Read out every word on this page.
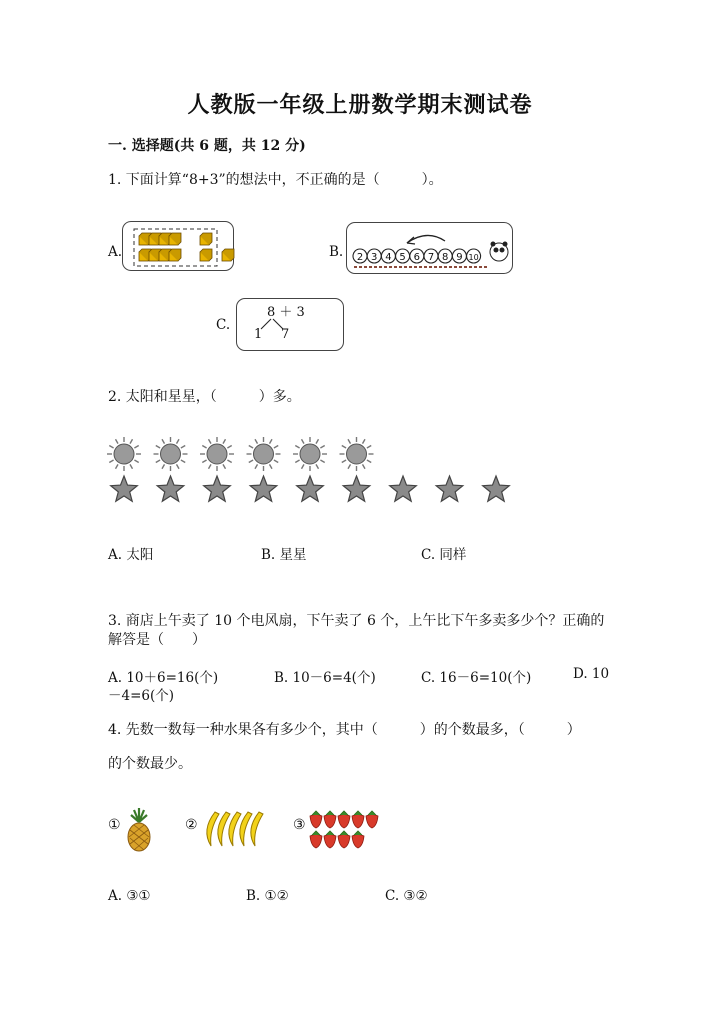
人教版一年级上册数学期末测试卷
一. 选择题(共 6 题，共 12 分)
1. 下面计算“8+3”的想法中，不正确的是（　　　）。
A.	B. 2 3 4 5 6 7 8 9 10
C.
8 ＋ 3
1 7
2. 太阳和星星，（　　　）多。
A. 太阳	B. 星星	C. 同样
3. 商店上午卖了 10 个电风扇，下午卖了 6 个，上午比下午多卖多少个？正确的
解答是（　　）
A. 10＋6=16(个)	B. 10－6=4(个)	C. 16－6=10(个)	D. 10
－4=6(个)
4. 先数一数每一种水果各有多少个，其中（　　　）的个数最多，（　　　）
的个数最少。
①	②	③
A. ③①	B. ①②	C. ③②
